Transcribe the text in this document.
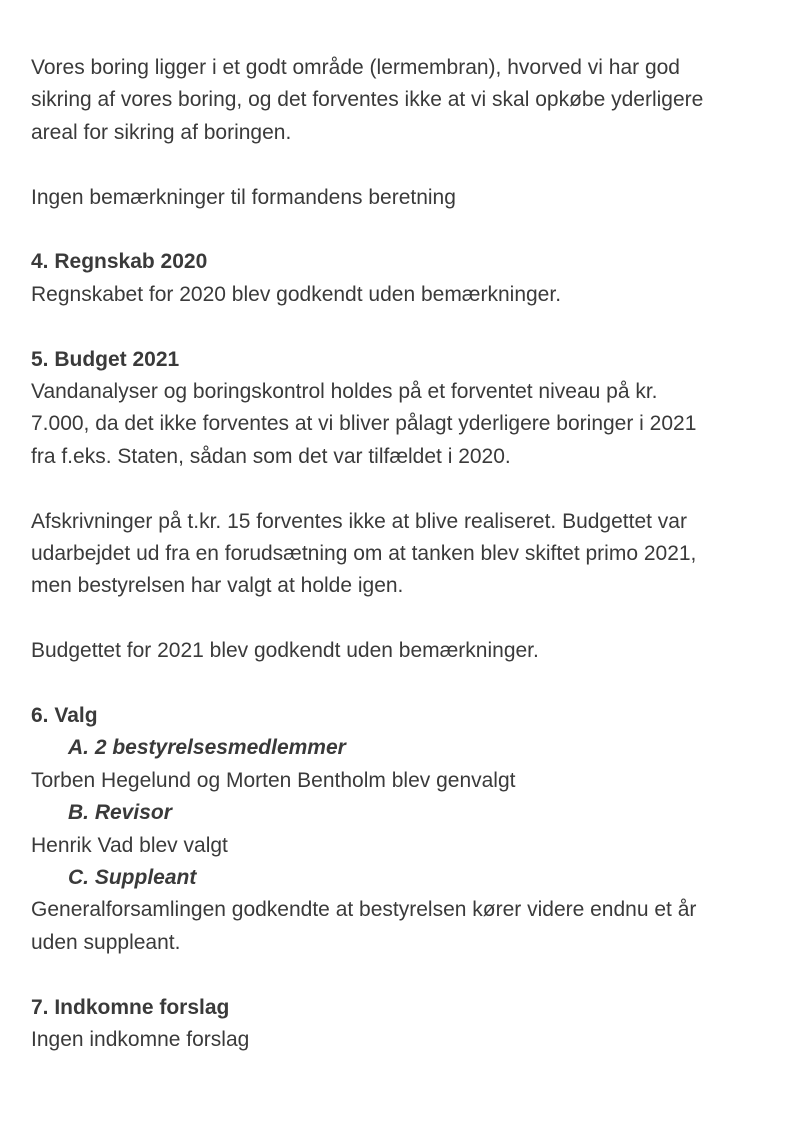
Vores boring ligger i et godt område (lermembran), hvorved vi har god
sikring af vores boring, og det forventes ikke at vi skal opkøbe yderligere
areal for sikring af boringen.

Ingen bemærkninger til formandens beretning

4. Regnskab 2020

Regnskabet for 2020 blev godkendt uden bemærkninger.

5. Budget 2021

Vandanalyser og boringskontrol holdes på et forventet niveau på kr.
7.000, da det ikke forventes at vi bliver pålagt yderligere boringer i 2021
fra f.eks. Staten, sådan som det var tilfældet i 2020.

Afskrivninger på t.kr. 15 forventes ikke at blive realiseret. Budgettet var
udarbejdet ud fra en forudsætning om at tanken blev skiftet primo 2021,
men bestyrelsen har valgt at holde igen.

Budgettet for 2021 blev godkendt uden bemærkninger.

6. Valg

A. 2 bestyrelsesmedlemmer

Torben Hegelund og Morten Bentholm blev genvalgt

B. Revisor

Henrik Vad blev valgt

C. Suppleant

Generalforsamlingen godkendte at bestyrelsen kører videre endnu et år
uden suppleant.

7. Indkomne forslag

Ingen indkomne forslag
